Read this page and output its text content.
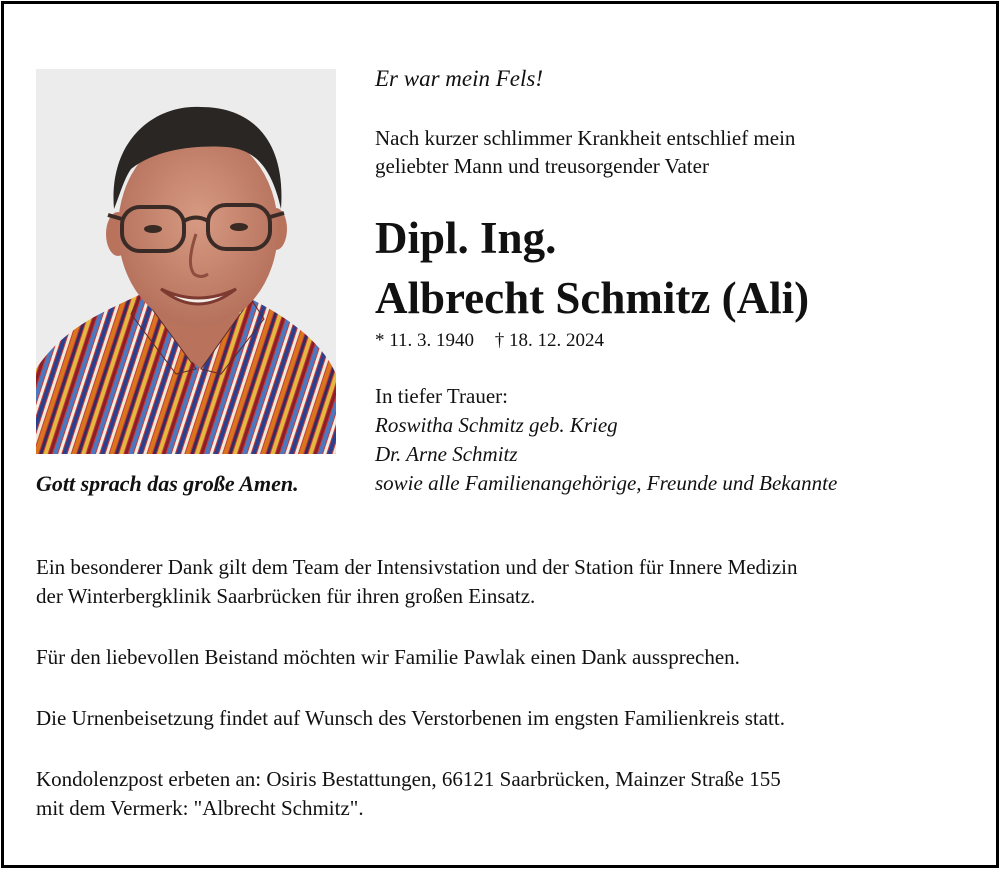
Gott sprach das große Amen.
Er war mein Fels!
Nach kurzer schlimmer Krankheit entschlief mein
geliebter Mann und treusorgender Vater
Dipl. Ing.
Albrecht Schmitz (Ali)
* 11. 3. 1940 † 18. 12. 2024
In tiefer Trauer:
Roswitha Schmitz geb. Krieg
Dr. Arne Schmitz
sowie alle Familienangehörige, Freunde und Bekannte

Ein besonderer Dank gilt dem Team der Intensivstation und der Station für Innere Medizin

der Winterbergklinik Saarbrücken für ihren großen Einsatz.

Für den liebevollen Beistand möchten wir Familie Pawlak einen Dank aussprechen.

Die Urnenbeisetzung findet auf Wunsch des Verstorbenen im engsten Familienkreis statt.

Kondolenzpost erbeten an: Osiris Bestattungen, 66121 Saarbrücken, Mainzer Straße 155

mit dem Vermerk: "Albrecht Schmitz".
